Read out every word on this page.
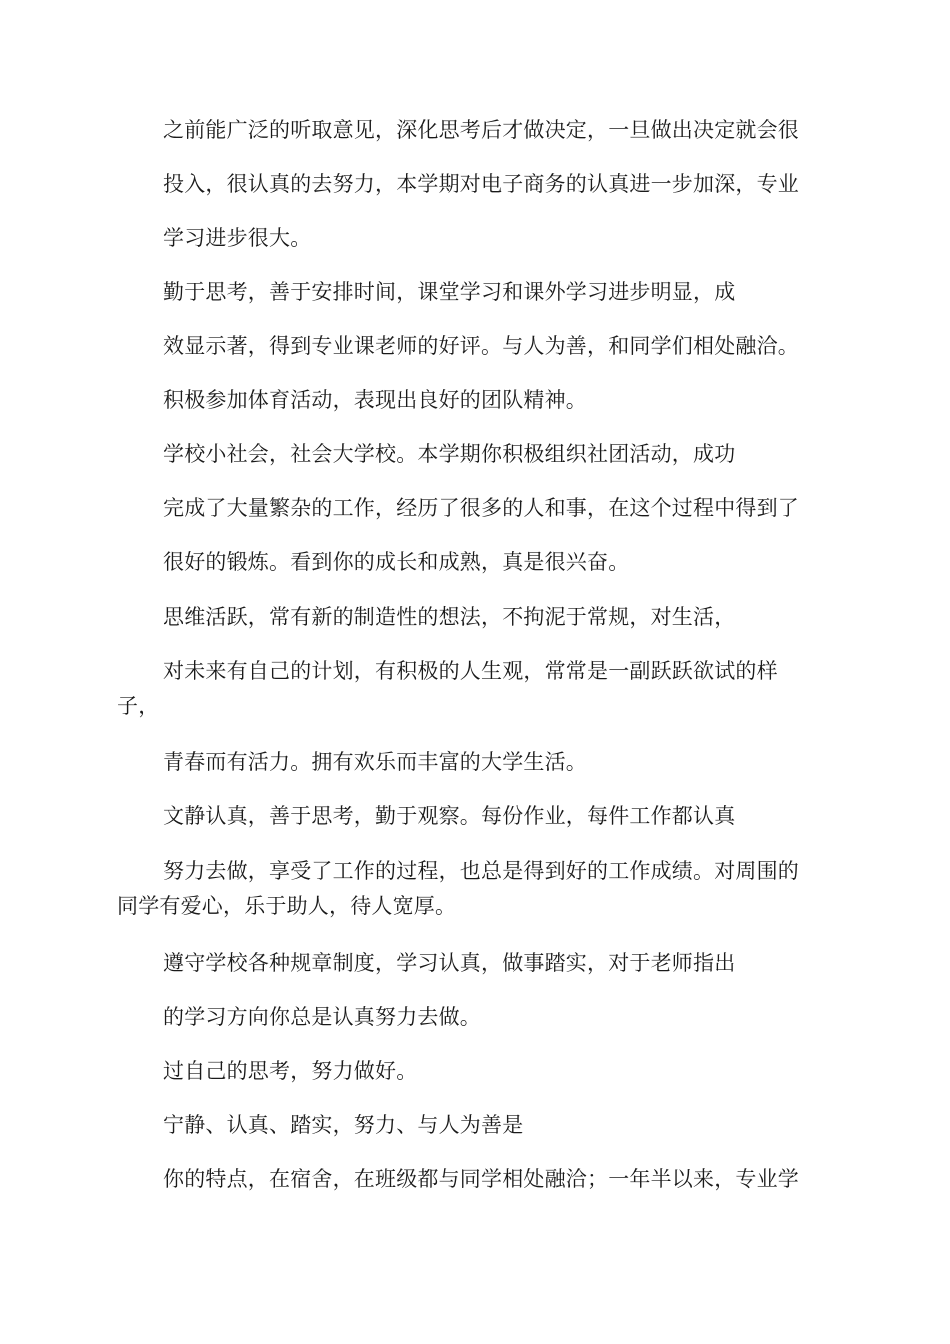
之前能广泛的听取意见，深化思考后才做决定，一旦做出决定就会很
投入，很认真的去努力，本学期对电子商务的认真进一步加深，专业
学习进步很大。
勤于思考，善于安排时间，课堂学习和课外学习进步明显，成
效显示著，得到专业课老师的好评。与人为善，和同学们相处融洽。
积极参加体育活动，表现出良好的团队精神。
学校小社会，社会大学校。本学期你积极组织社团活动，成功
完成了大量繁杂的工作，经历了很多的人和事，在这个过程中得到了
很好的锻炼。看到你的成长和成熟，真是很兴奋。
思维活跃，常有新的制造性的想法，不拘泥于常规，对生活，
对未来有自己的计划，有积极的人生观，常常是一副跃跃欲试的样
子，
青春而有活力。拥有欢乐而丰富的大学生活。
文静认真，善于思考，勤于观察。每份作业，每件工作都认真
努力去做，享受了工作的过程，也总是得到好的工作成绩。对周围的
同学有爱心，乐于助人，待人宽厚。
遵守学校各种规章制度，学习认真，做事踏实，对于老师指出
的学习方向你总是认真努力去做。
过自己的思考，努力做好。
宁静、认真、踏实，努力、与人为善是
你的特点，在宿舍，在班级都与同学相处融洽；一年半以来，专业学
